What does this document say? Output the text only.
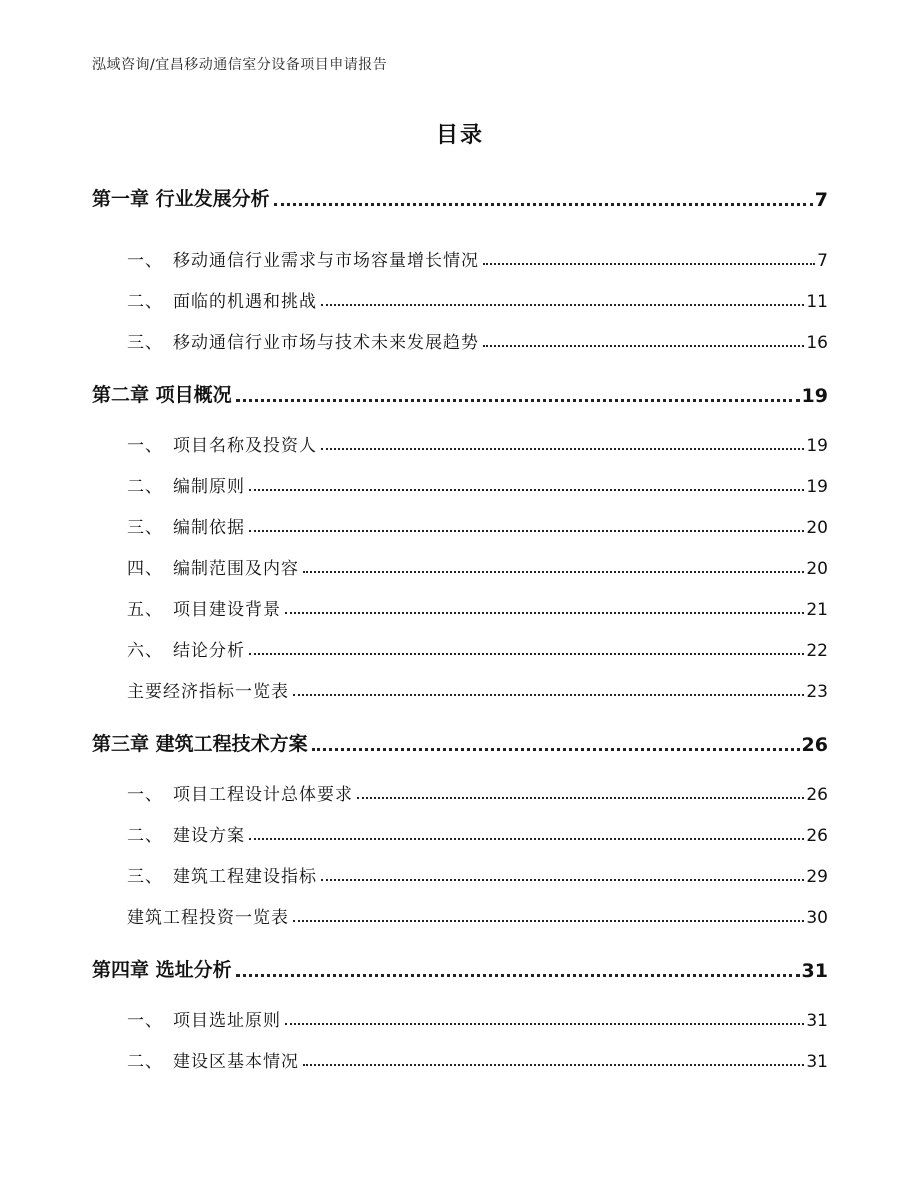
泓域咨询/宜昌移动通信室分设备项目申请报告
目录
第一章 行业发展分析	7
一、 移动通信行业需求与市场容量增长情况	7
二、 面临的机遇和挑战	11
三、 移动通信行业市场与技术未来发展趋势	16
第二章 项目概况	19
一、 项目名称及投资人	19
二、 编制原则	19
三、 编制依据	20
四、 编制范围及内容	20
五、 项目建设背景	21
六、 结论分析	22
主要经济指标一览表	23
第三章 建筑工程技术方案	26
一、 项目工程设计总体要求	26
二、 建设方案	26
三、 建筑工程建设指标	29
建筑工程投资一览表	30
第四章 选址分析	31
一、 项目选址原则	31
二、 建设区基本情况	31
